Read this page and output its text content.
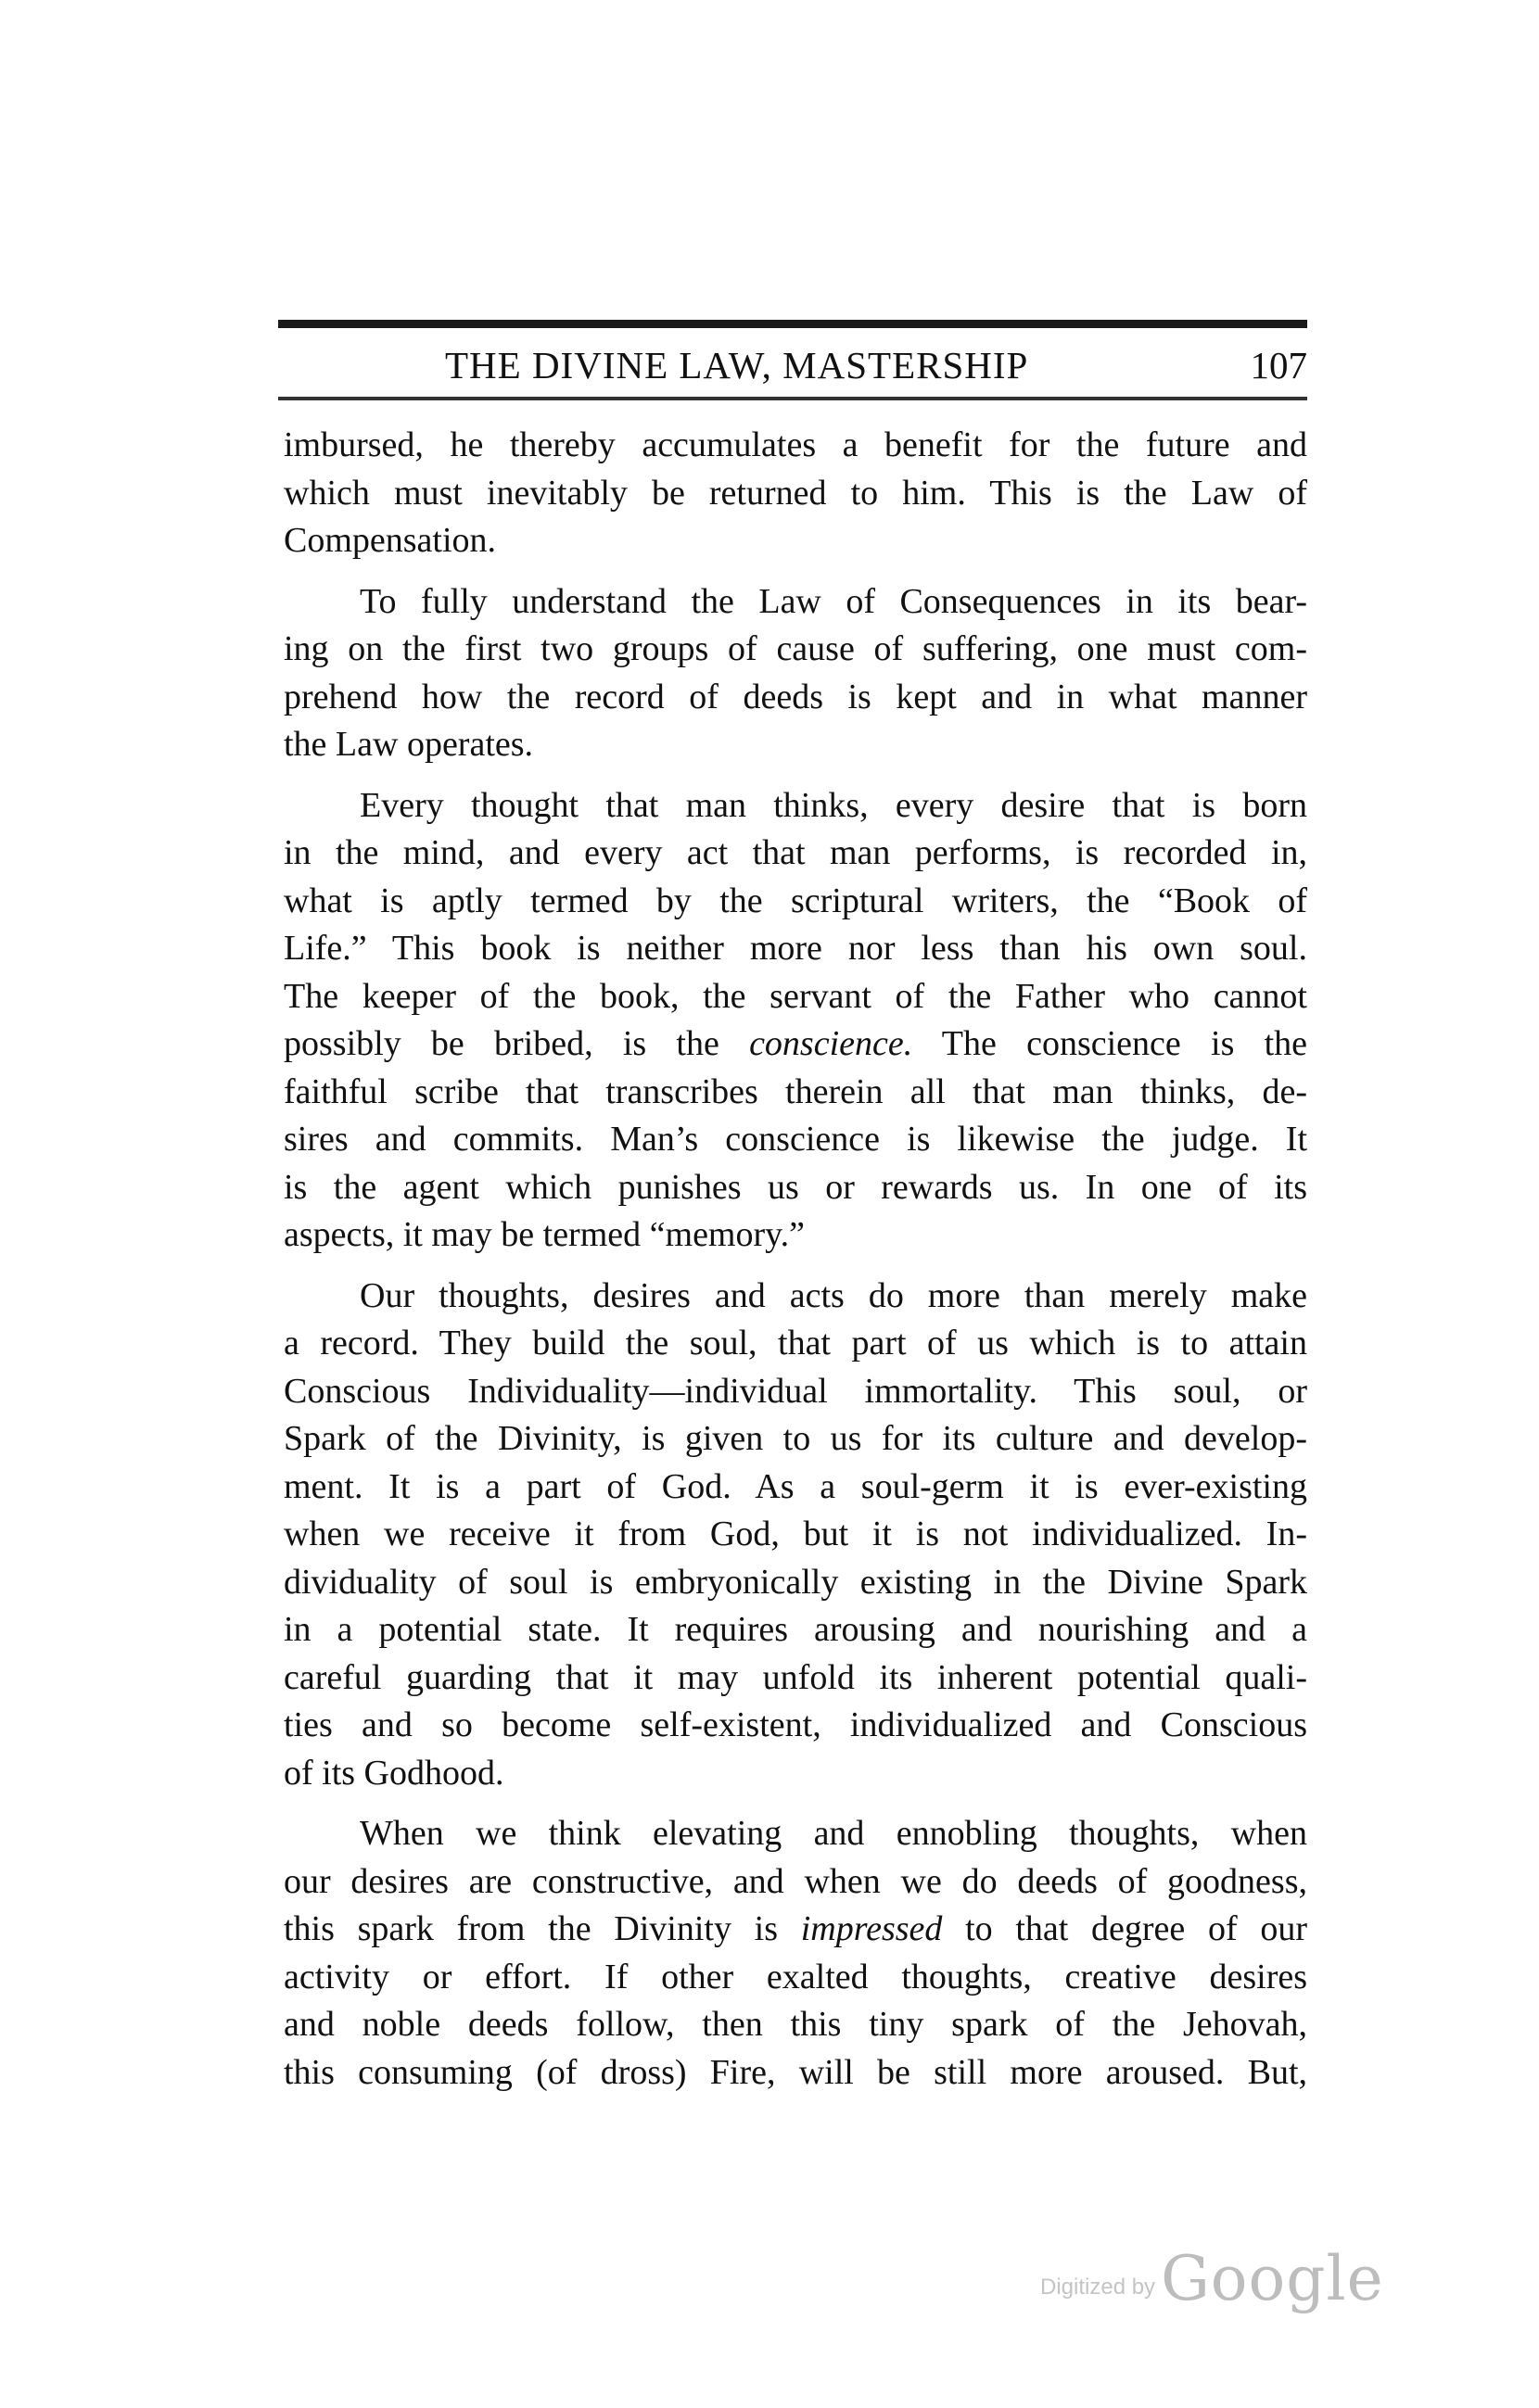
THE DIVINE LAW, MASTERSHIP	107
imbursed, he thereby accumulates a benefit for the future and
which must inevitably be returned to him. This is the Law of
Compensation.
To fully understand the Law of Consequences in its bear-
ing on the first two groups of cause of suffering, one must com-
prehend how the record of deeds is kept and in what manner
the Law operates.
Every thought that man thinks, every desire that is born
in the mind, and every act that man performs, is recorded in,
what is aptly termed by the scriptural writers, the “Book of
Life.” This book is neither more nor less than his own soul.
The keeper of the book, the servant of the Father who cannot
possibly be bribed, is the conscience. The conscience is the
faithful scribe that transcribes therein all that man thinks, de-
sires and commits. Man’s conscience is likewise the judge. It
is the agent which punishes us or rewards us. In one of its
aspects, it may be termed “memory.”
Our thoughts, desires and acts do more than merely make
a record. They build the soul, that part of us which is to attain
Conscious Individuality—individual immortality. This soul, or
Spark of the Divinity, is given to us for its culture and develop-
ment. It is a part of God. As a soul-germ it is ever-existing
when we receive it from God, but it is not individualized. In-
dividuality of soul is embryonically existing in the Divine Spark
in a potential state. It requires arousing and nourishing and a
careful guarding that it may unfold its inherent potential quali-
ties and so become self-existent, individualized and Conscious
of its Godhood.
When we think elevating and ennobling thoughts, when
our desires are constructive, and when we do deeds of goodness,
this spark from the Divinity is impressed to that degree of our
activity or effort. If other exalted thoughts, creative desires
and noble deeds follow, then this tiny spark of the Jehovah,
this consuming (of dross) Fire, will be still more aroused. But,
Digitized byGoogle
